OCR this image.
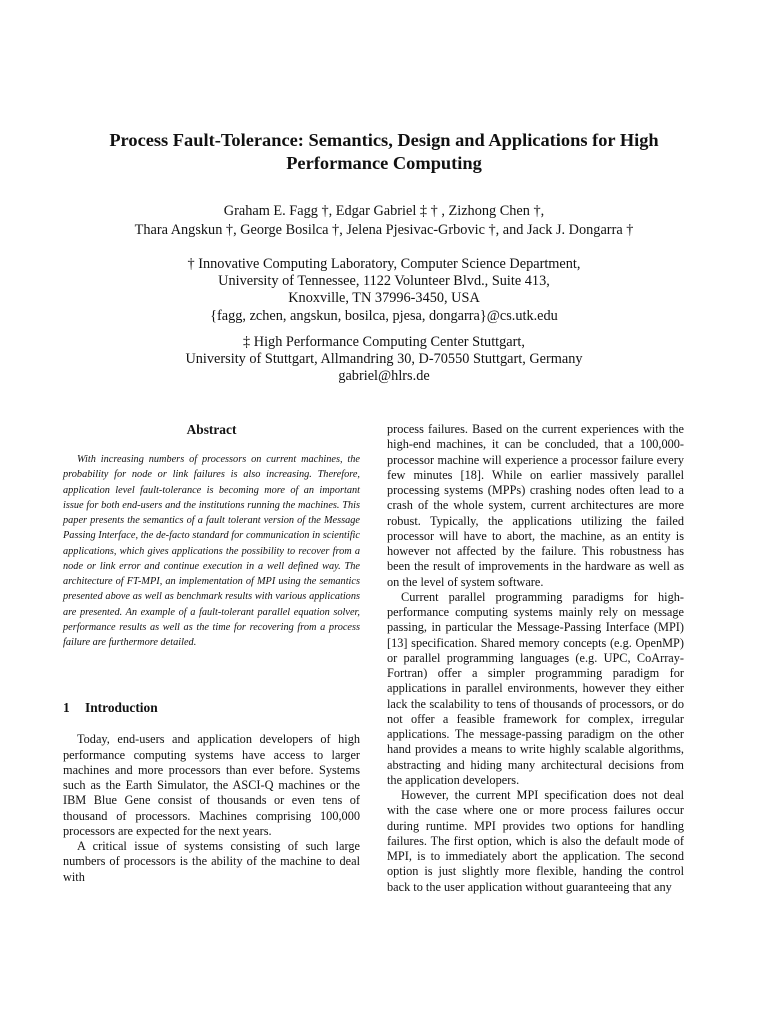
Process Fault-Tolerance: Semantics, Design and Applications for High
Performance Computing
Graham E. Fagg †, Edgar Gabriel ‡ † , Zizhong Chen †,
Thara Angskun †, George Bosilca †, Jelena Pjesivac-Grbovic †, and Jack J. Dongarra †
† Innovative Computing Laboratory, Computer Science Department,
University of Tennessee, 1122 Volunteer Blvd., Suite 413,
Knoxville, TN 37996-3450, USA
{fagg, zchen, angskun, bosilca, pjesa, dongarra}@cs.utk.edu
‡ High Performance Computing Center Stuttgart,
University of Stuttgart, Allmandring 30, D-70550 Stuttgart, Germany
gabriel@hlrs.de
Abstract

With increasing numbers of processors on current machines, the probability for node or link failures is also increasing. Therefore, application level fault-tolerance is becoming more of an important issue for both end-users and the institutions running the machines. This paper presents the semantics of a fault tolerant version of the Message Passing Interface, the de-facto standard for communication in scientific applications, which gives applications the possibility to recover from a node or link error and continue execution in a well defined way. The architecture of FT-MPI, an implementation of MPI using the semantics presented above as well as benchmark results with various applications are presented. An example of a fault-tolerant parallel equation solver, performance results as well as the time for recovering from a process failure are furthermore detailed.

1 Introduction

Today, end-users and application developers of high performance computing systems have access to larger machines and more processors than ever before. Systems such as the Earth Simulator, the ASCI-Q machines or the IBM Blue Gene consist of thousands or even tens of thousand of processors. Machines comprising 100,000 processors are expected for the next years.

A critical issue of systems consisting of such large numbers of processors is the ability of the machine to deal with

process failures. Based on the current experiences with the high-end machines, it can be concluded, that a 100,000-processor machine will experience a processor failure every few minutes [18]. While on earlier massively parallel processing systems (MPPs) crashing nodes often lead to a crash of the whole system, current architectures are more robust. Typically, the applications utilizing the failed processor will have to abort, the machine, as an entity is however not affected by the failure. This robustness has been the result of improvements in the hardware as well as on the level of system software.

Current parallel programming paradigms for high-performance computing systems mainly rely on message passing, in particular the Message-Passing Interface (MPI) [13] specification. Shared memory concepts (e.g. OpenMP) or parallel programming languages (e.g. UPC, CoArray-Fortran) offer a simpler programming paradigm for applications in parallel environments, however they either lack the scalability to tens of thousands of processors, or do not offer a feasible framework for complex, irregular applications. The message-passing paradigm on the other hand provides a means to write highly scalable algorithms, abstracting and hiding many architectural decisions from the application developers.

However, the current MPI specification does not deal with the case where one or more process failures occur during runtime. MPI provides two options for handling failures. The first option, which is also the default mode of MPI, is to immediately abort the application. The second option is just slightly more flexible, handing the control back to the user application without guaranteeing that any
